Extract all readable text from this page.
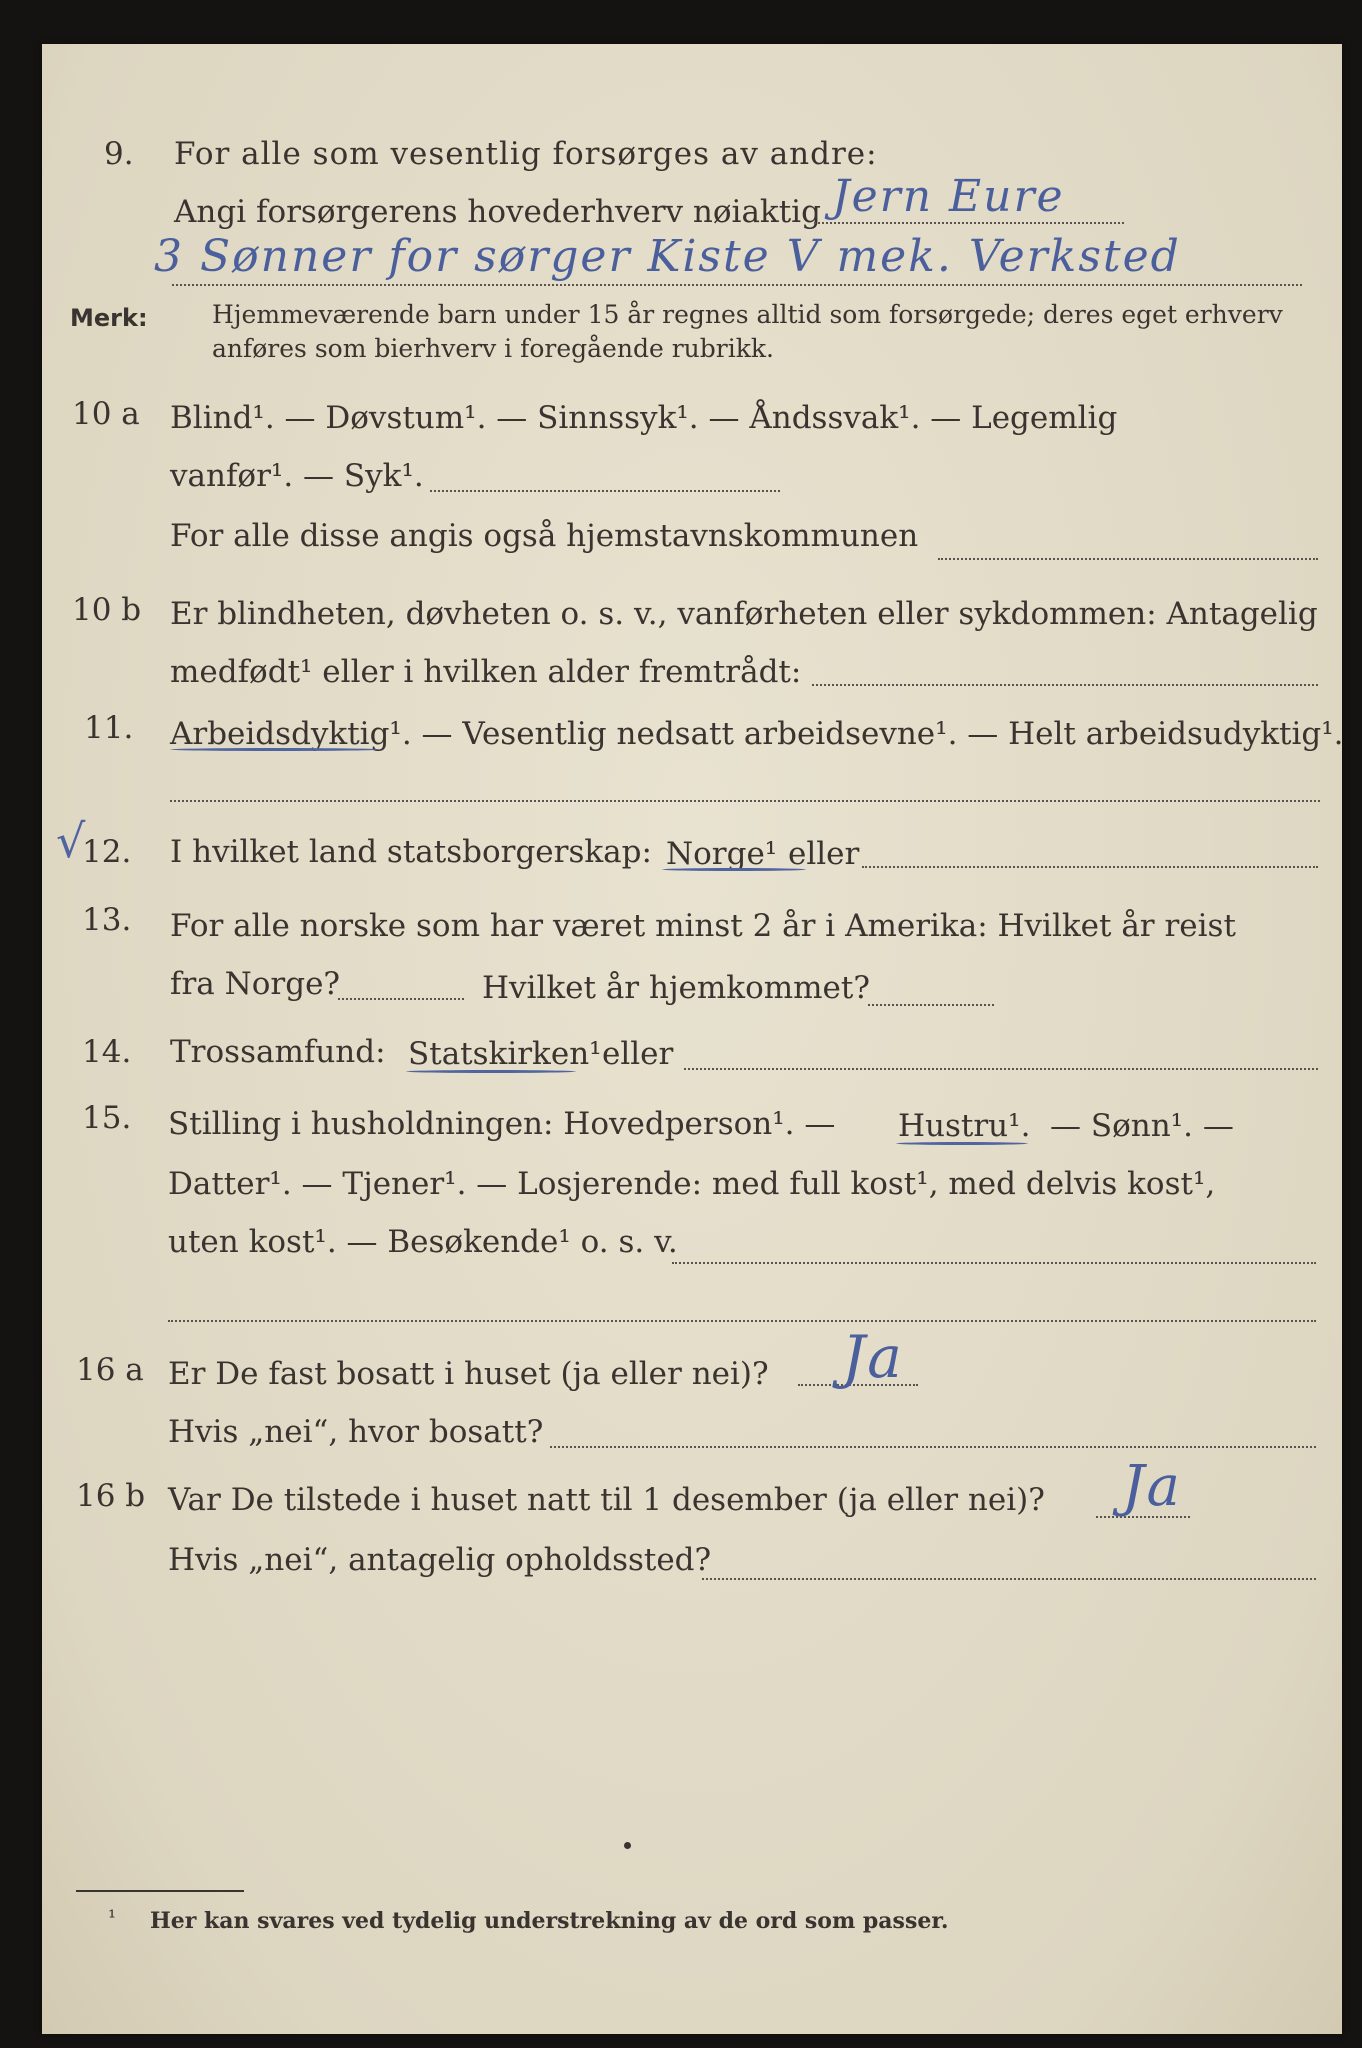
9. For alle som vesentlig forsørges av andre:
Angi forsørgerens hovederhverv nøiaktig Jern Eure
3 Sønner for sørger Kiste V mek. Verksted
Merk:	Hjemmeværende barn under 15 år regnes alltid som forsørgede; deres eget erhverv
anføres som bierhverv i foregående rubrikk.
10 a Blind¹. — Døvstum¹. — Sinnssyk¹. — Åndssvak¹. — Legemlig
vanfør¹. — Syk¹.
For alle disse angis også hjemstavnskommunen
10 b Er blindheten, døvheten o. s. v., vanførheten eller sykdommen: Antagelig
medfødt¹ eller i hvilken alder fremtrådt:
11. Arbeidsdyktig¹. — Vesentlig nedsatt arbeidsevne¹. — Helt arbeidsudyktig¹.
√
12. I hvilket land statsborgerskap: Norge¹ eller
13. For alle norske som har været minst 2 år i Amerika: Hvilket år reist
fra Norge?	Hvilket år hjemkommet?
14. Trossamfund: Statskirken¹ eller
15. Stilling i husholdningen: Hovedperson¹. — Hustru¹. — Sønn¹. —
Datter¹. — Tjener¹. — Losjerende: med full kost¹, med delvis kost¹,
uten kost¹. — Besøkende¹ o. s. v.
16 a Er De fast bosatt i huset (ja eller nei)? Ja
Hvis „nei“, hvor bosatt?
16 b Var De tilstede i huset natt til 1 desember (ja eller nei)? Ja
Hvis „nei“, antagelig opholdssted?
¹ Her kan svares ved tydelig understrekning av de ord som passer.
